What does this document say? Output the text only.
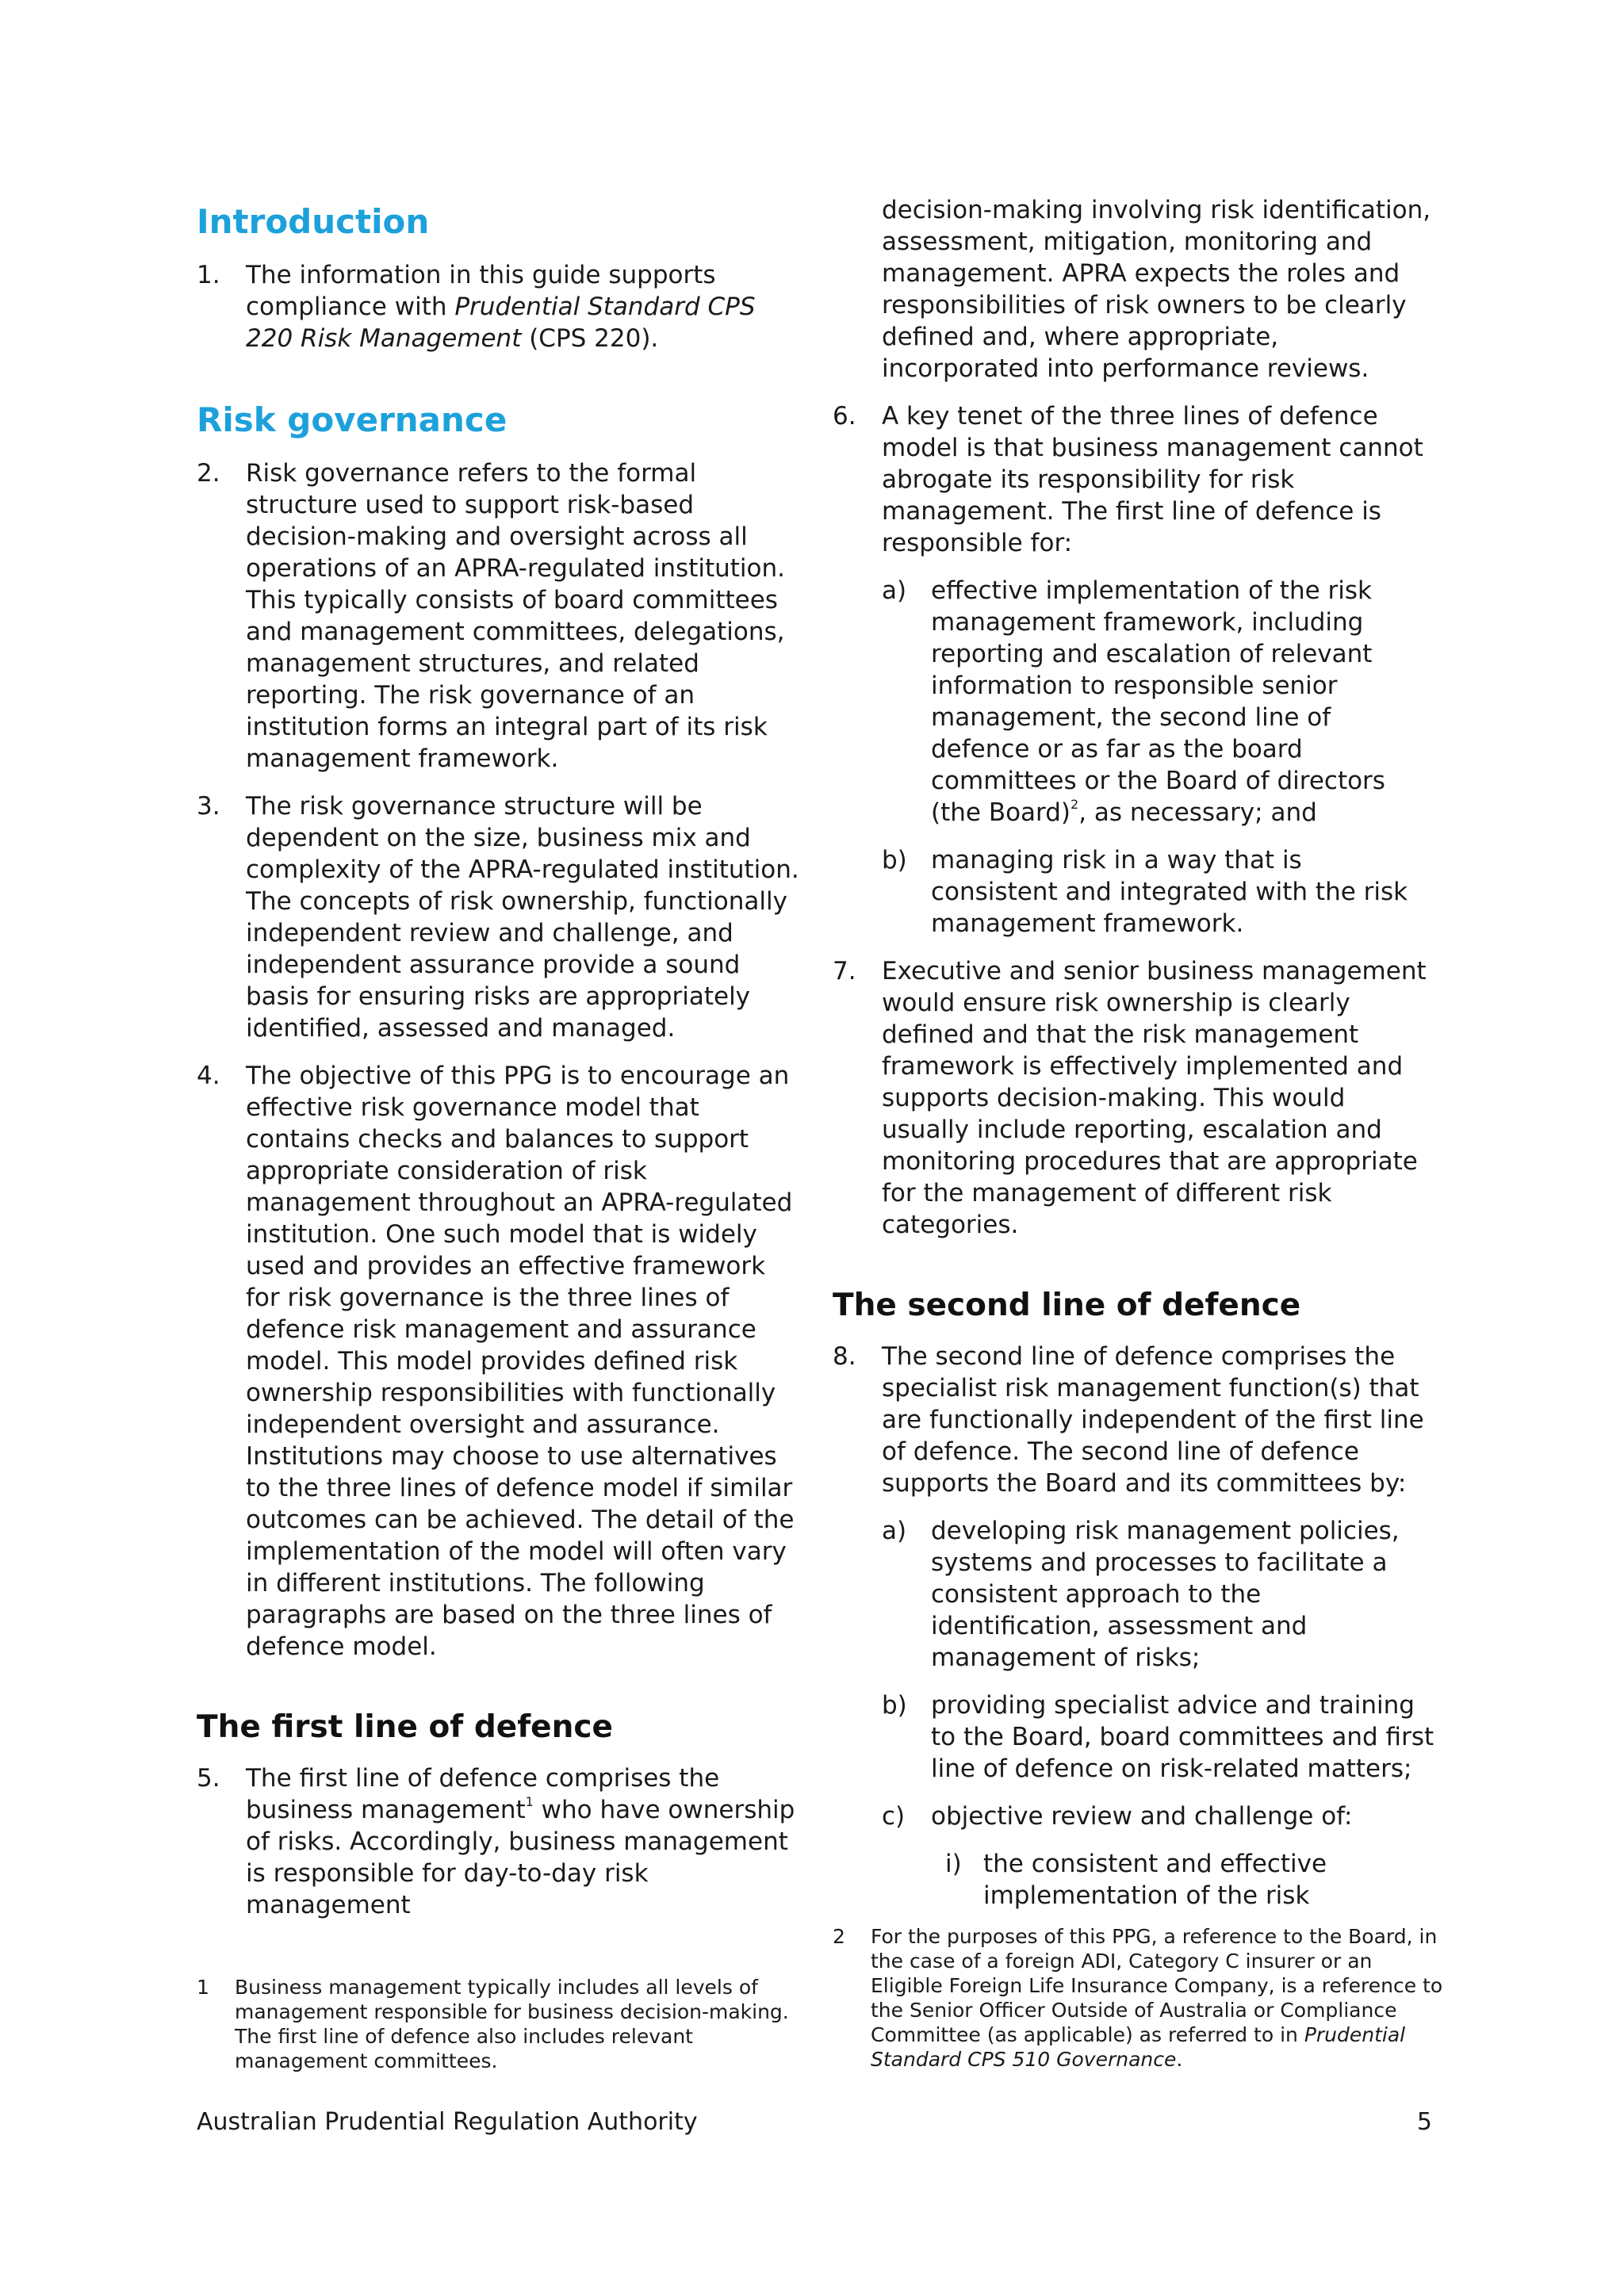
Introduction
1. The information in this guide supports compliance with Prudential Standard CPS 220 Risk Management (CPS 220).
Risk governance
2. Risk governance refers to the formal structure used to support risk-based decision-making and oversight across all operations of an APRA-regulated institution. This typically consists of board committees and management committees, delegations, management structures, and related reporting. The risk governance of an institution forms an integral part of its risk management framework.
3. The risk governance structure will be dependent on the size, business mix and complexity of the APRA-regulated institution. The concepts of risk ownership, functionally independent review and challenge, and independent assurance provide a sound basis for ensuring risks are appropriately identified, assessed and managed.
4. The objective of this PPG is to encourage an effective risk governance model that contains checks and balances to support appropriate consideration of risk management throughout an APRA-regulated institution. One such model that is widely used and provides an effective framework for risk governance is the three lines of defence risk management and assurance model. This model provides defined risk ownership responsibilities with functionally independent oversight and assurance. Institutions may choose to use alternatives to the three lines of defence model if similar outcomes can be achieved. The detail of the implementation of the model will often vary in different institutions. The following paragraphs are based on the three lines of defence model.
The first line of defence
5. The first line of defence comprises the business management$^1$ who have ownership of risks. Accordingly, business management is responsible for day-to-day risk management
decision-making involving risk identification, assessment, mitigation, monitoring and management. APRA expects the roles and responsibilities of risk owners to be clearly defined and, where appropriate, incorporated into performance reviews.
6. A key tenet of the three lines of defence model is that business management cannot abrogate its responsibility for risk management. The first line of defence is responsible for:
a) effective implementation of the risk management framework, including reporting and escalation of relevant information to responsible senior management, the second line of defence or as far as the board committees or the Board of directors (the Board)$^2$, as necessary; and
b) managing risk in a way that is consistent and integrated with the risk management framework.
7. Executive and senior business management would ensure risk ownership is clearly defined and that the risk management framework is effectively implemented and supports decision-making. This would usually include reporting, escalation and monitoring procedures that are appropriate for the management of different risk categories.
The second line of defence
8. The second line of defence comprises the specialist risk management function(s) that are functionally independent of the first line of defence. The second line of defence supports the Board and its committees by:
a) developing risk management policies, systems and processes to facilitate a consistent approach to the identification, assessment and management of risks;
b) providing specialist advice and training to the Board, board committees and first line of defence on risk-related matters;
c) objective review and challenge of:
i) the consistent and effective implementation of the risk
1	Business management typically includes all levels of management responsible for business decision-making. The first line of defence also includes relevant management committees.
2	For the purposes of this PPG, a reference to the Board, in the case of a foreign ADI, Category C insurer or an Eligible Foreign Life Insurance Company, is a reference to the Senior Officer Outside of Australia or Compliance Committee (as applicable) as referred to in Prudential Standard CPS 510 Governance.
Australian Prudential Regulation Authority	5
